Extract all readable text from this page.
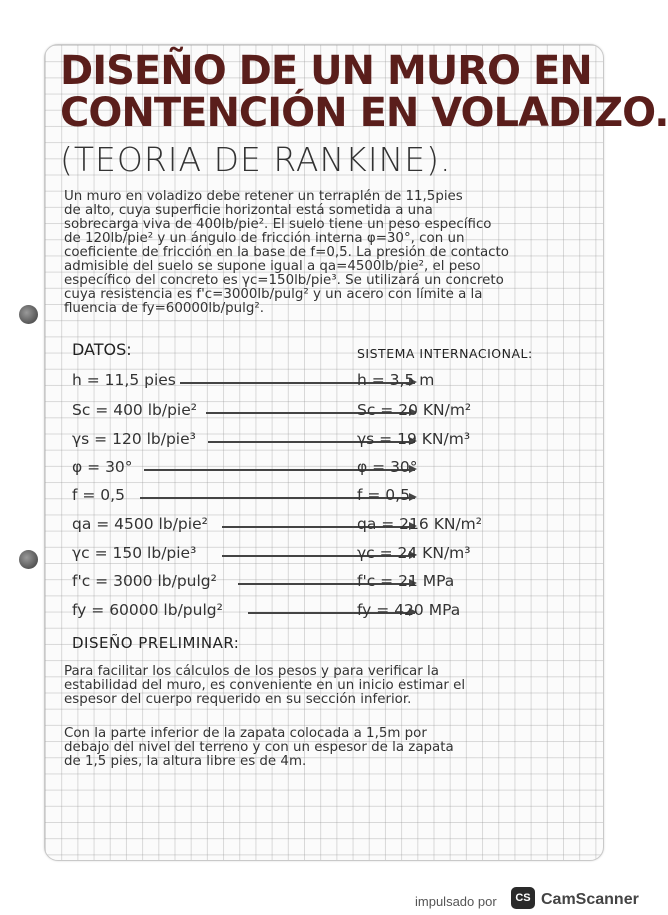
DISEÑO DE UN MURO EN
CONTENCIÓN EN VOLADIZO.
(TEORIA DE RANKINE).
Un muro en voladizo debe retener un terraplén de 11,5pies
de alto, cuya superficie horizontal está sometida a una
sobrecarga viva de 400lb/pie². El suelo tiene un peso específico
de 120lb/pie² y un ángulo de fricción interna φ=30°, con un
coeficiente de fricción en la base de f=0,5. La presión de contacto
admisible del suelo se supone igual a qa=4500lb/pie², el peso
específico del concreto es γc=150lb/pie³. Se utilizará un concreto
cuya resistencia es f'c=3000lb/pulg² y un acero con límite a la
fluencia de fy=60000lb/pulg².
DATOS:	SISTEMA INTERNACIONAL:
h = 11,5 pies	h = 3,5 m
Sc = 400 lb/pie²	Sc = 20 KN/m²
γs = 120 lb/pie³	γs = 19 KN/m³
φ = 30°	φ = 30°
f = 0,5	f = 0,5
qa = 4500 lb/pie²	qa = 216 KN/m²
γc = 150 lb/pie³	γc = 24 KN/m³
f'c = 3000 lb/pulg²	f'c = 21 MPa
fy = 60000 lb/pulg²	fy = 420 MPa
DISEÑO PRELIMINAR:
Para facilitar los cálculos de los pesos y para verificar la
estabilidad del muro, es conveniente en un inicio estimar el
espesor del cuerpo requerido en su sección inferior.
Con la parte inferior de la zapata colocada a 1,5m por
debajo del nivel del terreno y con un espesor de la zapata
de 1,5 pies, la altura libre es de 4m.
impulsado por	CS CamScanner
